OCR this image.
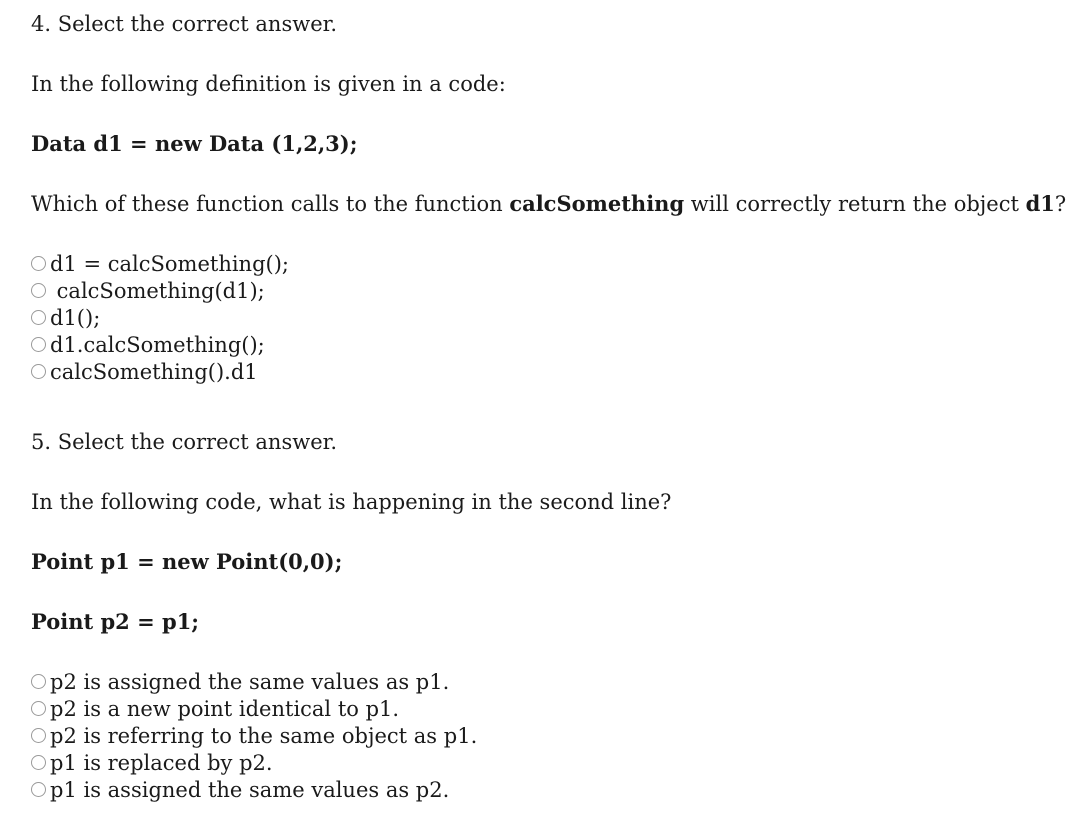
4. Select the correct answer.
In the following definition is given in a code:
Data d1 = new Data (1,2,3);
Which of these function calls to the function calcSomething will correctly return the object d1?
d1 = calcSomething();
calcSomething(d1);
d1();
d1.calcSomething();
calcSomething().d1
5. Select the correct answer.
In the following code, what is happening in the second line?
Point p1 = new Point(0,0);
Point p2 = p1;
p2 is assigned the same values as p1.
p2 is a new point identical to p1.
p2 is referring to the same object as p1.
p1 is replaced by p2.
p1 is assigned the same values as p2.
